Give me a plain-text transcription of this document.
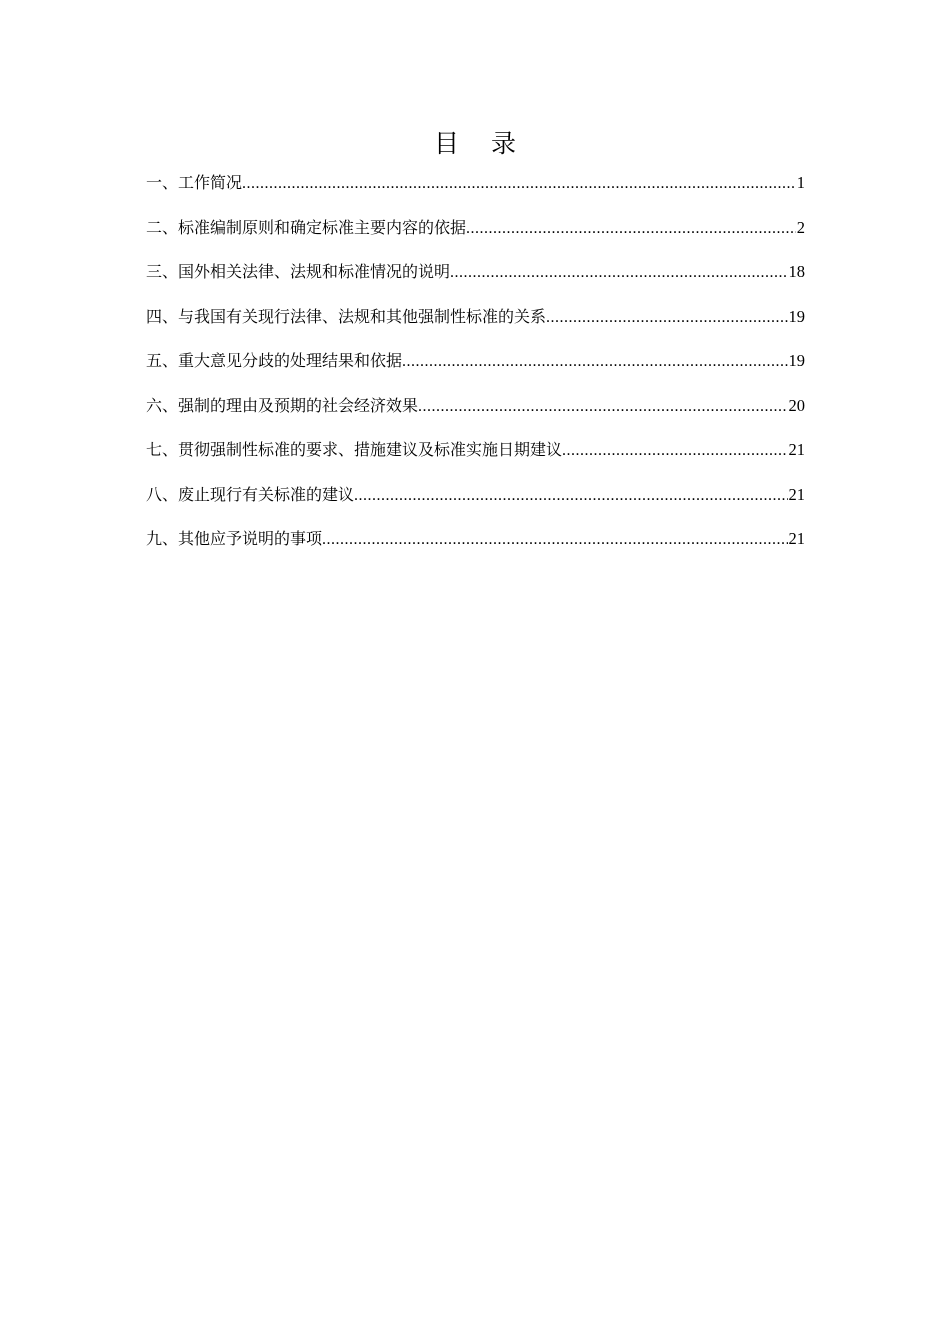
目 录
一、工作简况 .....	1
二、标准编制原则和确定标准主要内容的依据 .....	2
三、国外相关法律、法规和标准情况的说明 .....	18
四、与我国有关现行法律、法规和其他强制性标准的关系 .....	19
五、重大意见分歧的处理结果和依据 .....	19
六、强制的理由及预期的社会经济效果 .....	20
七、贯彻强制性标准的要求、措施建议及标准实施日期建议 .....	21
八、废止现行有关标准的建议 .....	21
九、其他应予说明的事项 .....	21
